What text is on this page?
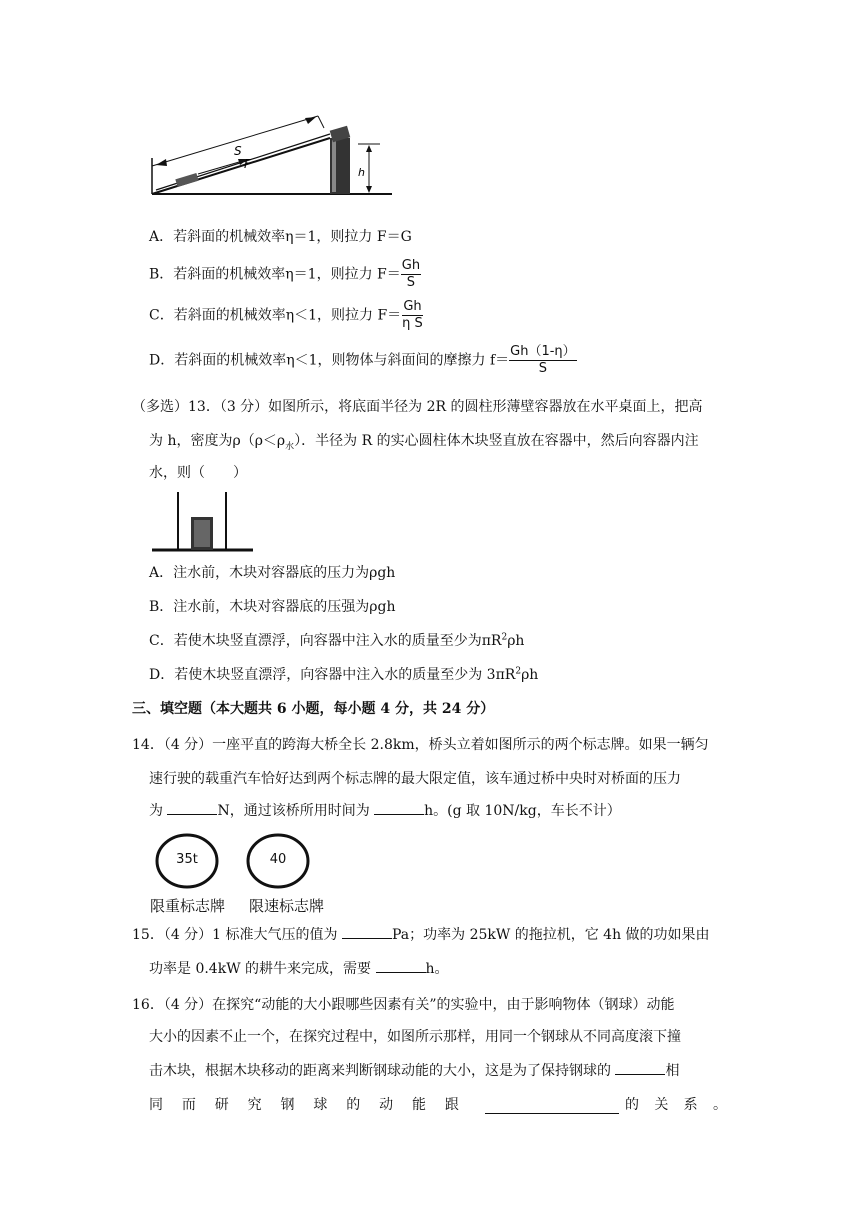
S
F
h
A．若斜面的机械效率η＝1，则拉力 F＝G
B．若斜面的机械效率η＝1，则拉力 $F= \frac{Gh}{S}$
C．若斜面的机械效率η＜1，则拉力 $F= \frac{Gh}{\text{η S}}$
D．若斜面的机械效率η＜1，则物体与斜面间的摩擦力 $f= \frac{Gh(1-\eta)}{S}$
（多选）13．（3 分）如图所示，将底面半径为 2R 的圆柱形薄壁容器放在水平桌面上，把高
为 h，密度为$\rho(\rho<\rho_水)$．半径为 R 的实心圆柱体木块竖直放在容器中，然后向容器内注
水，则（　　）
A．注水前，木块对容器底的压力为ρgh
B．注水前，木块对容器底的压强为ρgh
C．若使木块竖直漂浮，向容器中注入水的质量至少为$\pi R^2\rho h$
D．若使木块竖直漂浮，向容器中注入水的质量至少为 $3\pi R^2\rho h$
三、填空题（本大题共 6 小题，每小题 4 分，共 24 分）
14．（4 分）一座平直的跨海大桥全长 2.8km，桥头立着如图所示的两个标志牌。如果一辆匀
速行驶的载重汽车恰好达到两个标志牌的最大限定值，该车通过桥中央时对桥面的压力
为	N，通过该桥所用时间为	h。(g 取 10N/kg，车长不计）
35t
限重标志牌
40
限速标志牌
15．（4 分）1 标准大气压的值为	Pa；功率为 25kW 的拖拉机，它 4h 做的功如果由
功率是 0.4kW 的耕牛来完成，需要	h。
16．（4 分）在探究“动能的大小跟哪些因素有关”的实验中，由于影响物体（钢球）动能
大小的因素不止一个，在探究过程中，如图所示那样，用同一个钢球从不同高度滚下撞
击木块，根据木块移动的距离来判断钢球动能的大小，这是为了保持钢球的	相
同 而 研 究 钢 球 的 动 能 跟	的 关 系 。
